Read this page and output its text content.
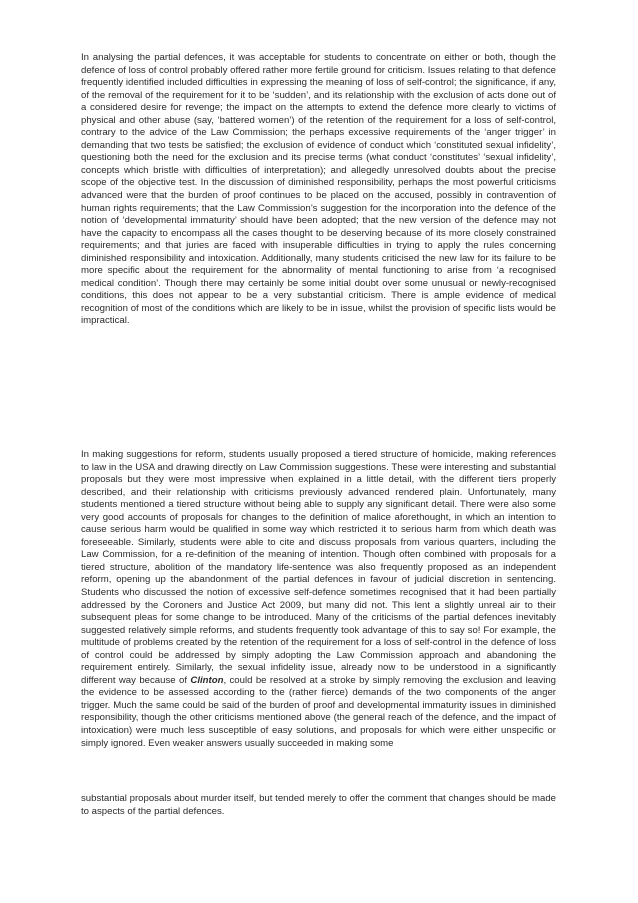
In analysing the partial defences, it was acceptable for students to concentrate on either or both, though the defence of loss of control probably offered rather more fertile ground for criticism. Issues relating to that defence frequently identified included difficulties in expressing the meaning of loss of self-control; the significance, if any, of the removal of the requirement for it to be ‘sudden’, and its relationship with the exclusion of acts done out of a considered desire for revenge; the impact on the attempts to extend the defence more clearly to victims of physical and other abuse (say, ‘battered women’) of the retention of the requirement for a loss of self-control, contrary to the advice of the Law Commission; the perhaps excessive requirements of the ‘anger trigger’ in demanding that two tests be satisfied; the exclusion of evidence of conduct which ‘constituted sexual infidelity’, questioning both the need for the exclusion and its precise terms (what conduct ‘constitutes’ ‘sexual infidelity’, concepts which bristle with difficulties of interpretation); and allegedly unresolved doubts about the precise scope of the objective test. In the discussion of diminished responsibility, perhaps the most powerful criticisms advanced were that the burden of proof continues to be placed on the accused, possibly in contravention of human rights requirements; that the Law Commission’s suggestion for the incorporation into the defence of the notion of ‘developmental immaturity’ should have been adopted; that the new version of the defence may not have the capacity to encompass all the cases thought to be deserving because of its more closely constrained requirements; and that juries are faced with insuperable difficulties in trying to apply the rules concerning diminished responsibility and intoxication. Additionally, many students criticised the new law for its failure to be more specific about the requirement for the abnormality of mental functioning to arise from ‘a recognised medical condition’. Though there may certainly be some initial doubt over some unusual or newly-recognised conditions, this does not appear to be a very substantial criticism. There is ample evidence of medical recognition of most of the conditions which are likely to be in issue, whilst the provision of specific lists would be impractical.

In making suggestions for reform, students usually proposed a tiered structure of homicide, making references to law in the USA and drawing directly on Law Commission suggestions. These were interesting and substantial proposals but they were most impressive when explained in a little detail, with the different tiers properly described, and their relationship with criticisms previously advanced rendered plain. Unfortunately, many students mentioned a tiered structure without being able to supply any significant detail. There were also some very good accounts of proposals for changes to the definition of malice aforethought, in which an intention to cause serious harm would be qualified in some way which restricted it to serious harm from which death was foreseeable. Similarly, students were able to cite and discuss proposals from various quarters, including the Law Commission, for a re-definition of the meaning of intention. Though often combined with proposals for a tiered structure, abolition of the mandatory life-sentence was also frequently proposed as an independent reform, opening up the abandonment of the partial defences in favour of judicial discretion in sentencing. Students who discussed the notion of excessive self-defence sometimes recognised that it had been partially addressed by the Coroners and Justice Act 2009, but many did not. This lent a slightly unreal air to their subsequent pleas for some change to be introduced. Many of the criticisms of the partial defences inevitably suggested relatively simple reforms, and students frequently took advantage of this to say so! For example, the multitude of problems created by the retention of the requirement for a loss of self-control in the defence of loss of control could be addressed by simply adopting the Law Commission approach and abandoning the requirement entirely. Similarly, the sexual infidelity issue, already now to be understood in a significantly different way because of Clinton, could be resolved at a stroke by simply removing the exclusion and leaving the evidence to be assessed according to the (rather fierce) demands of the two components of the anger trigger. Much the same could be said of the burden of proof and developmental immaturity issues in diminished responsibility, though the other criticisms mentioned above (the general reach of the defence, and the impact of intoxication) were much less susceptible of easy solutions, and proposals for which were either unspecific or simply ignored. Even weaker answers usually succeeded in making some

substantial proposals about murder itself, but tended merely to offer the comment that changes should be made to aspects of the partial defences.
